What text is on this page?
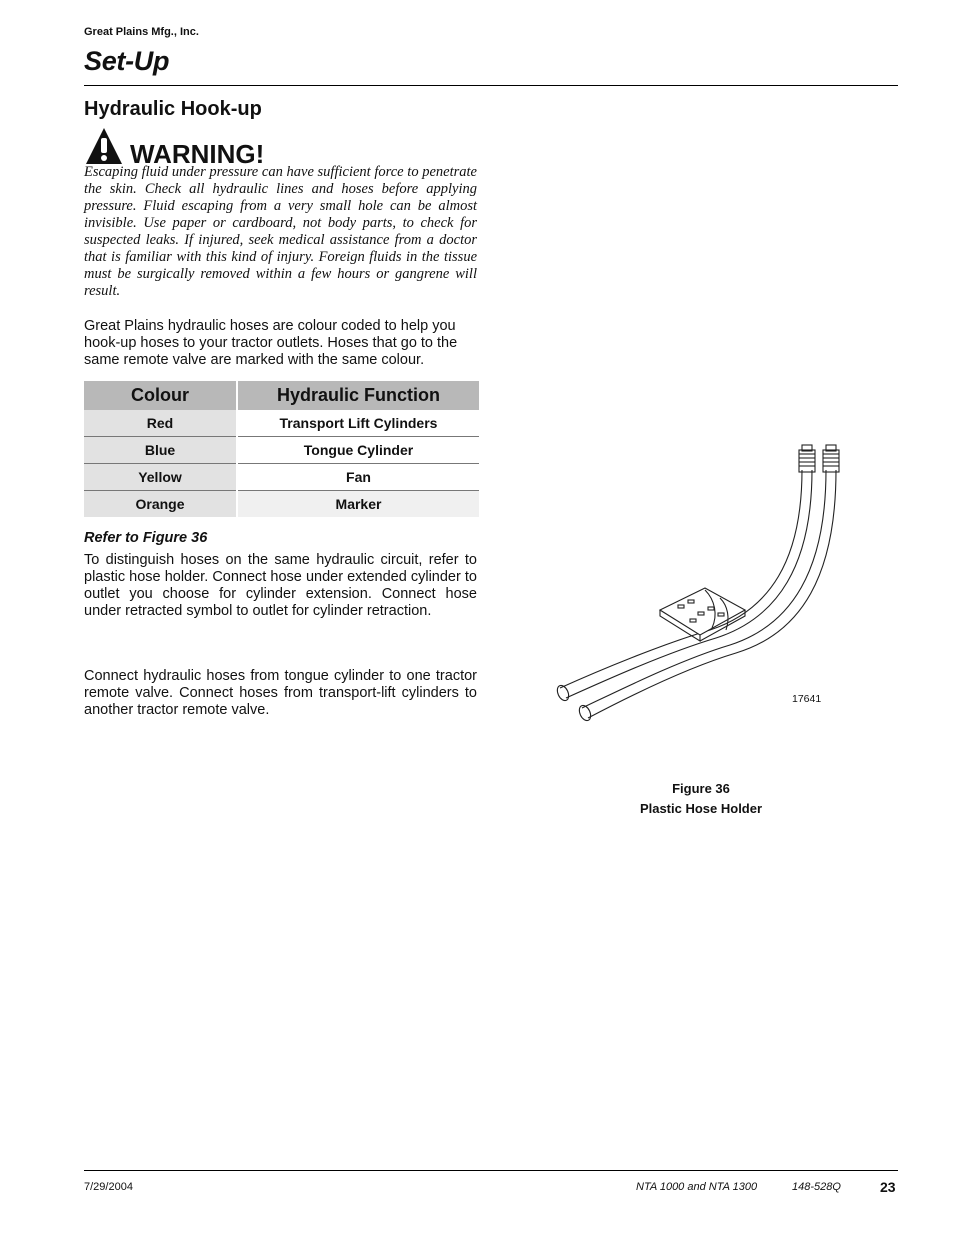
Great Plains Mfg., Inc.
Set-Up
Hydraulic Hook-up
WARNING!
Escaping fluid under pressure can have sufficient force to penetrate the skin. Check all hydraulic lines and hoses before applying pressure. Fluid escaping from a very small hole can be almost invisible. Use paper or cardboard, not body parts, to check for suspected leaks. If injured, seek medical assistance from a doctor that is familiar with this kind of injury. Foreign fluids in the tissue must be surgically removed within a few hours or gangrene will result.
Great Plains hydraulic hoses are colour coded to help you hook-up hoses to your tractor outlets. Hoses that go to the same remote valve are marked with the same colour.
Colour	Hydraulic Function
Red	Transport Lift Cylinders
Blue	Tongue Cylinder
Yellow	Fan
Orange	Marker
Refer to Figure 36
To distinguish hoses on the same hydraulic circuit, refer to plastic hose holder. Connect hose under extended cylinder to outlet you choose for cylinder extension. Connect hose under retracted symbol to outlet for cylinder retraction.
Connect hydraulic hoses from tongue cylinder to one tractor remote valve. Connect hoses from transport-lift cylinders to another tractor remote valve.
17641
Figure 36
Plastic Hose Holder
7/29/2004	NTA 1000 and NTA 1300	148-528Q	23
